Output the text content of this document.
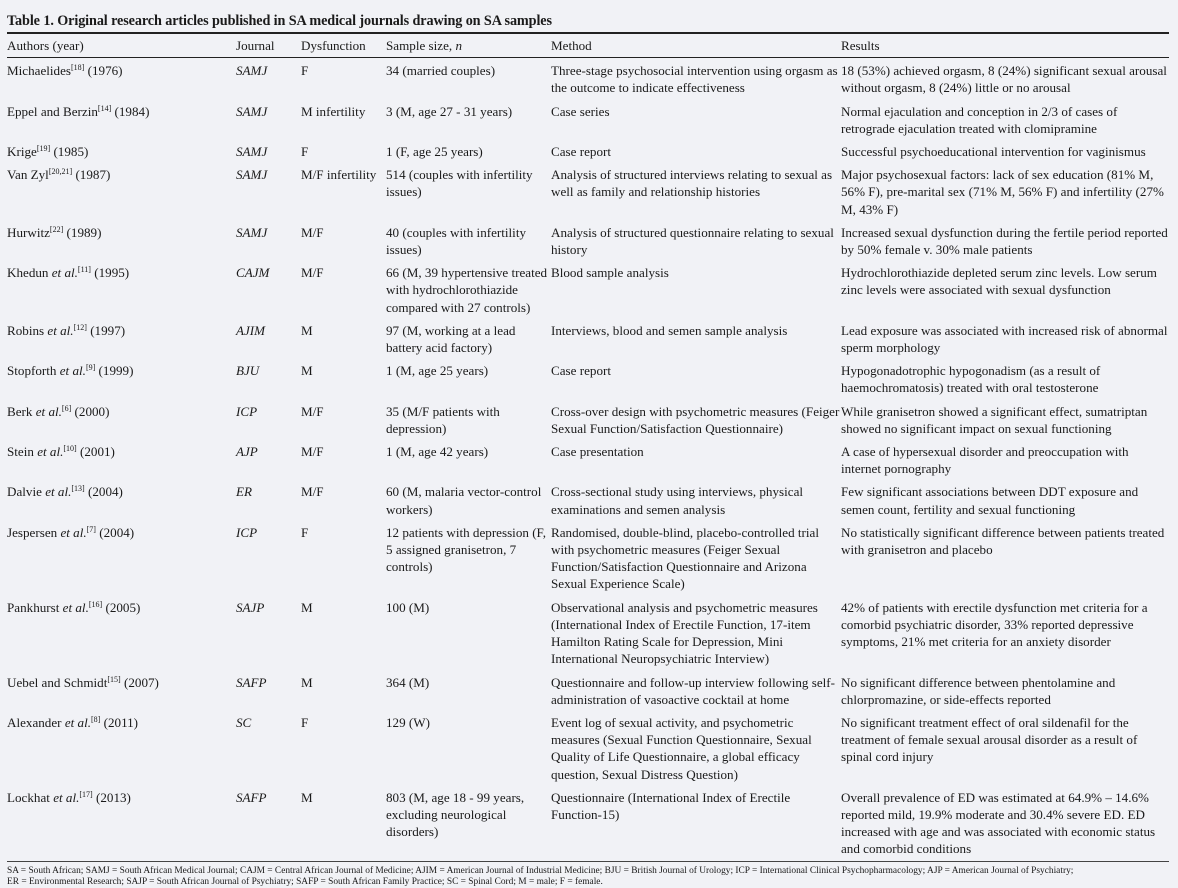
Table 1. Original research articles published in SA medical journals drawing on SA samples
Authors (year)	Journal	Dysfunction	Sample size, n	Method	Results
Michaelides[18] (1976)	SAMJ	F	34 (married couples)	Three-stage psychosocial intervention using orgasm as the outcome to indicate effectiveness	18 (53%) achieved orgasm, 8 (24%) significant sexual arousal without orgasm, 8 (24%) little or no arousal
Eppel and Berzin[14] (1984)	SAMJ	M infertility	3 (M, age 27 - 31 years)	Case series	Normal ejaculation and conception in 2/3 of cases of retrograde ejaculation treated with clomipramine
Krige[19] (1985)	SAMJ	F	1 (F, age 25 years)	Case report	Successful psychoeducational intervention for vaginismus
Van Zyl[20,21] (1987)	SAMJ	M/F infertility	514 (couples with infertility issues)	Analysis of structured interviews relating to sexual as well as family and relationship histories	Major psychosexual factors: lack of sex education (81% M, 56% F), pre-marital sex (71% M, 56% F) and infertility (27% M, 43% F)
Hurwitz[22] (1989)	SAMJ	M/F	40 (couples with infertility issues)	Analysis of structured questionnaire relating to sexual history	Increased sexual dysfunction during the fertile period reported by 50% female v. 30% male patients
Khedun et al.[11] (1995)	CAJM	M/F	66 (M, 39 hypertensive treated with hydrochlorothiazide compared with 27 controls)	Blood sample analysis	Hydrochlorothiazide depleted serum zinc levels. Low serum zinc levels were associated with sexual dysfunction
Robins et al.[12] (1997)	AJIM	M	97 (M, working at a lead battery acid factory)	Interviews, blood and semen sample analysis	Lead exposure was associated with increased risk of abnormal sperm morphology
Stopforth et al.[9] (1999)	BJU	M	1 (M, age 25 years)	Case report	Hypogonadotrophic hypogonadism (as a result of haemochromatosis) treated with oral testosterone
Berk et al.[6] (2000)	ICP	M/F	35 (M/F patients with depression)	Cross-over design with psychometric measures (Feiger Sexual Function/Satisfaction Questionnaire)	While granisetron showed a significant effect, sumatriptan showed no significant impact on sexual functioning
Stein et al.[10] (2001)	AJP	M/F	1 (M, age 42 years)	Case presentation	A case of hypersexual disorder and preoccupation with internet pornography
Dalvie et al.[13] (2004)	ER	M/F	60 (M, malaria vector-control workers)	Cross-sectional study using interviews, physical examinations and semen analysis	Few significant associations between DDT exposure and semen count, fertility and sexual functioning
Jespersen et al.[7] (2004)	ICP	F	12 patients with depression (F, 5 assigned granisetron, 7 controls)	Randomised, double-blind, placebo-controlled trial with psychometric measures (Feiger Sexual Function/Satisfaction Questionnaire and Arizona Sexual Experience Scale)	No statistically significant difference between patients treated with granisetron and placebo
Pankhurst et al.[16] (2005)	SAJP	M	100 (M)	Observational analysis and psychometric measures (International Index of Erectile Function, 17-item Hamilton Rating Scale for Depression, Mini International Neuropsychiatric Interview)	42% of patients with erectile dysfunction met criteria for a comorbid psychiatric disorder, 33% reported depressive symptoms, 21% met criteria for an anxiety disorder
Uebel and Schmidt[15] (2007)	SAFP	M	364 (M)	Questionnaire and follow-up interview following self-administration of vasoactive cocktail at home	No significant difference between phentolamine and chlorpromazine, or side-effects reported
Alexander et al.[8] (2011)	SC	F	129 (W)	Event log of sexual activity, and psychometric measures (Sexual Function Questionnaire, Sexual Quality of Life Questionnaire, a global efficacy question, Sexual Distress Question)	No significant treatment effect of oral sildenafil for the treatment of female sexual arousal disorder as a result of spinal cord injury
Lockhat et al.[17] (2013)	SAFP	M	803 (M, age 18 - 99 years, excluding neurological disorders)	Questionnaire (International Index of Erectile Function-15)	Overall prevalence of ED was estimated at 64.9% – 14.6% reported mild, 19.9% moderate and 30.4% severe ED. ED increased with age and was associated with economic status and comorbid conditions
SA = South African; SAMJ = South African Medical Journal; CAJM = Central African Journal of Medicine; AJIM = American Journal of Industrial Medicine; BJU = British Journal of Urology; ICP = International Clinical Psychopharmacology; AJP = American Journal of Psychiatry;
ER = Environmental Research; SAJP = South African Journal of Psychiatry; SAFP = South African Family Practice; SC = Spinal Cord; M = male; F = female.
